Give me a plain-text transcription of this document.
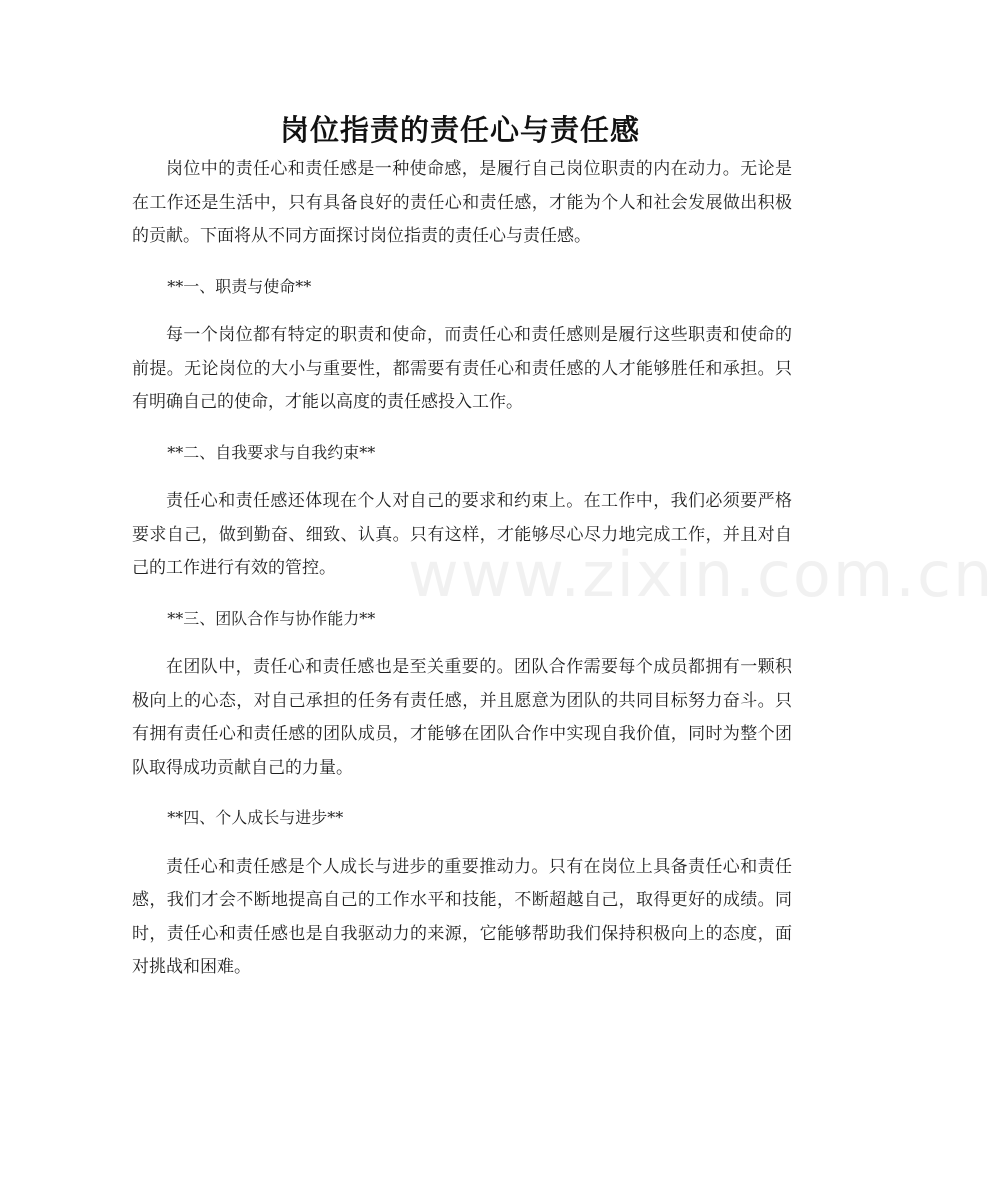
岗位指责的责任心与责任感

岗位中的责任心和责任感是一种使命感，是履行自己岗位职责的内在动力。无论是在工作还是生活中，只有具备良好的责任心和责任感，才能为个人和社会发展做出积极的贡献。下面将从不同方面探讨岗位指责的责任心与责任感。

**一、职责与使命**

每一个岗位都有特定的职责和使命，而责任心和责任感则是履行这些职责和使命的前提。无论岗位的大小与重要性，都需要有责任心和责任感的人才能够胜任和承担。只有明确自己的使命，才能以高度的责任感投入工作。

**二、自我要求与自我约束**

责任心和责任感还体现在个人对自己的要求和约束上。在工作中，我们必须要严格要求自己，做到勤奋、细致、认真。只有这样，才能够尽心尽力地完成工作，并且对自己的工作进行有效的管控。

**三、团队合作与协作能力**

在团队中，责任心和责任感也是至关重要的。团队合作需要每个成员都拥有一颗积极向上的心态，对自己承担的任务有责任感，并且愿意为团队的共同目标努力奋斗。只有拥有责任心和责任感的团队成员，才能够在团队合作中实现自我价值，同时为整个团队取得成功贡献自己的力量。

**四、个人成长与进步**

责任心和责任感是个人成长与进步的重要推动力。只有在岗位上具备责任心和责任感，我们才会不断地提高自己的工作水平和技能，不断超越自己，取得更好的成绩。同时，责任心和责任感也是自我驱动力的来源，它能够帮助我们保持积极向上的态度，面对挑战和困难。

www.zixin.com.cn
